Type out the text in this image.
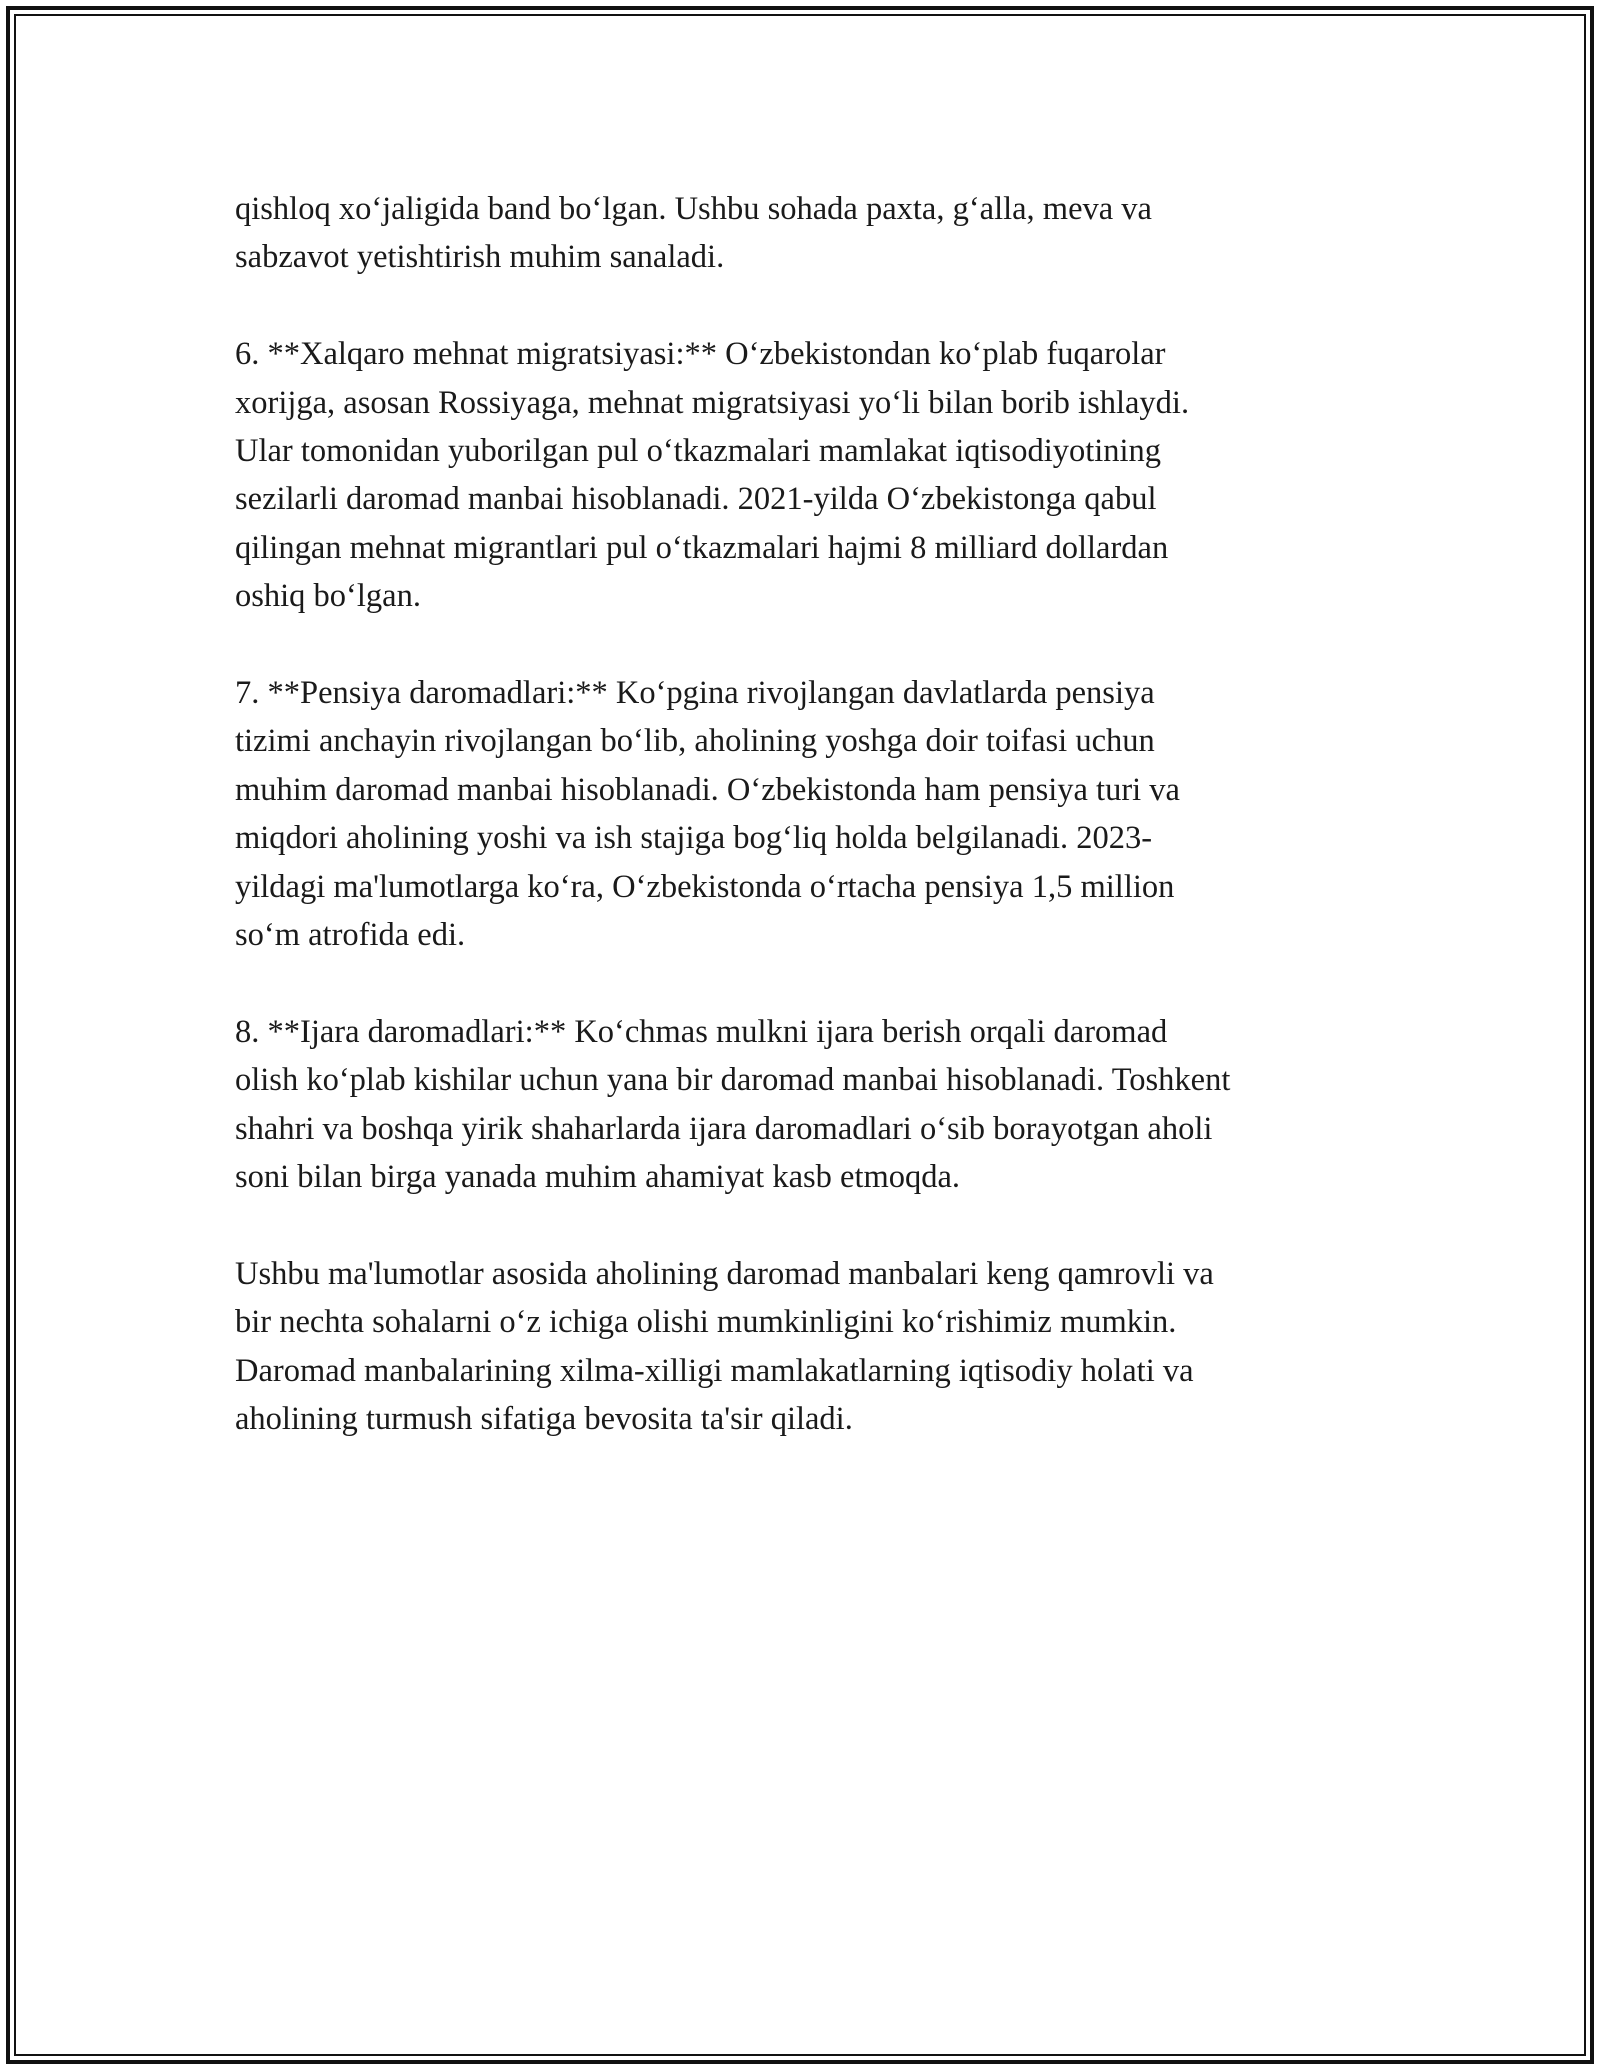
qishloq xo‘jaligida band bo‘lgan. Ushbu sohada paxta, g‘alla, meva va
sabzavot yetishtirish muhim sanaladi.

6. **Xalqaro mehnat migratsiyasi:** O‘zbekistondan ko‘plab fuqarolar
xorijga, asosan Rossiyaga, mehnat migratsiyasi yo‘li bilan borib ishlaydi.
Ular tomonidan yuborilgan pul o‘tkazmalari mamlakat iqtisodiyotining
sezilarli daromad manbai hisoblanadi. 2021-yilda O‘zbekistonga qabul
qilingan mehnat migrantlari pul o‘tkazmalari hajmi 8 milliard dollardan
oshiq bo‘lgan.

7. **Pensiya daromadlari:** Ko‘pgina rivojlangan davlatlarda pensiya
tizimi anchayin rivojlangan bo‘lib, aholining yoshga doir toifasi uchun
muhim daromad manbai hisoblanadi. O‘zbekistonda ham pensiya turi va
miqdori aholining yoshi va ish stajiga bog‘liq holda belgilanadi. 2023-
yildagi ma'lumotlarga ko‘ra, O‘zbekistonda o‘rtacha pensiya 1,5 million
so‘m atrofida edi.

8. **Ijara daromadlari:** Ko‘chmas mulkni ijara berish orqali daromad
olish ko‘plab kishilar uchun yana bir daromad manbai hisoblanadi. Toshkent
shahri va boshqa yirik shaharlarda ijara daromadlari o‘sib borayotgan aholi
soni bilan birga yanada muhim ahamiyat kasb etmoqda.

Ushbu ma'lumotlar asosida aholining daromad manbalari keng qamrovli va
bir nechta sohalarni o‘z ichiga olishi mumkinligini ko‘rishimiz mumkin.
Daromad manbalarining xilma-xilligi mamlakatlarning iqtisodiy holati va
aholining turmush sifatiga bevosita ta'sir qiladi.
